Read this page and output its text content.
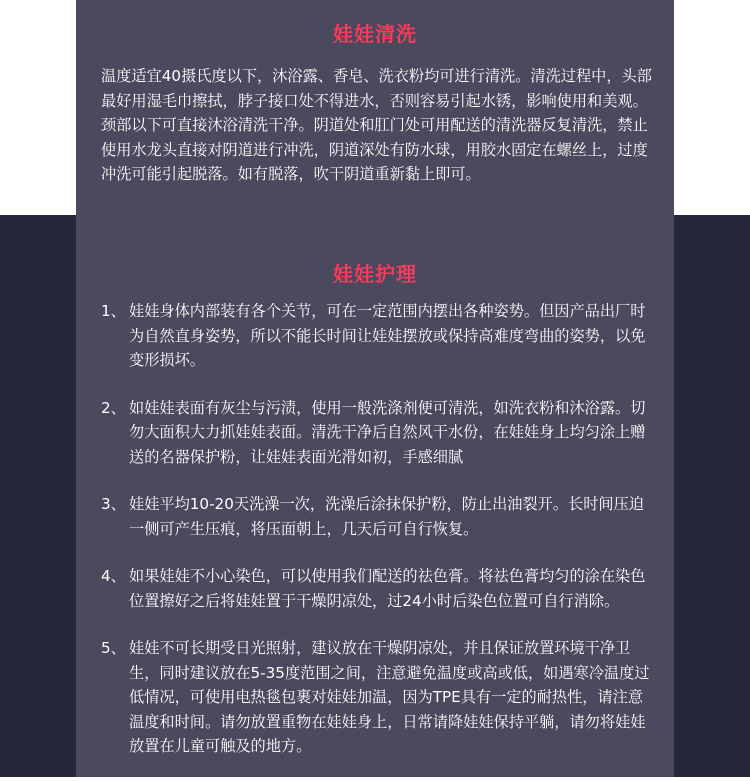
娃娃清洗
温度适宜40摄氏度以下，沐浴露、香皂、洗衣粉均可进行清洗。清洗过程中，头部最好用湿毛巾擦拭，脖子接口处不得进水，否则容易引起水锈，影响使用和美观。颈部以下可直接沐浴清洗干净。阴道处和肛门处可用配送的清洗器反复清洗，禁止使用水龙头直接对阴道进行冲洗，阴道深处有防水球，用胶水固定在螺丝上，过度冲洗可能引起脱落。如有脱落，吹干阴道重新黏上即可。
娃娃护理
1、 娃娃身体内部装有各个关节，可在一定范围内摆出各种姿势。但因产品出厂时为自然直身姿势，所以不能长时间让娃娃摆放或保持高难度弯曲的姿势，以免变形损坏。
2、 如娃娃表面有灰尘与污渍，使用一般洗涤剂便可清洗，如洗衣粉和沐浴露。切勿大面积大力抓娃娃表面。清洗干净后自然风干水份，在娃娃身上均匀涂上赠送的名器保护粉，让娃娃表面光滑如初，手感细腻
3、 娃娃平均10-20天洗澡一次，洗澡后涂抹保护粉，防止出油裂开。长时间压迫一侧可产生压痕，将压面朝上，几天后可自行恢复。
4、 如果娃娃不小心染色，可以使用我们配送的祛色膏。将祛色膏均匀的涂在染色位置擦好之后将娃娃置于干燥阴凉处，过24小时后染色位置可自行消除。
5、 娃娃不可长期受日光照射，建议放在干燥阴凉处，并且保证放置环境干净卫生，同时建议放在5-35度范围之间，注意避免温度或高或低，如遇寒冷温度过低情况，可使用电热毯包裹对娃娃加温，因为TPE具有一定的耐热性，请注意温度和时间。请勿放置重物在娃娃身上，日常请降娃娃保持平躺，请勿将娃娃放置在儿童可触及的地方。
